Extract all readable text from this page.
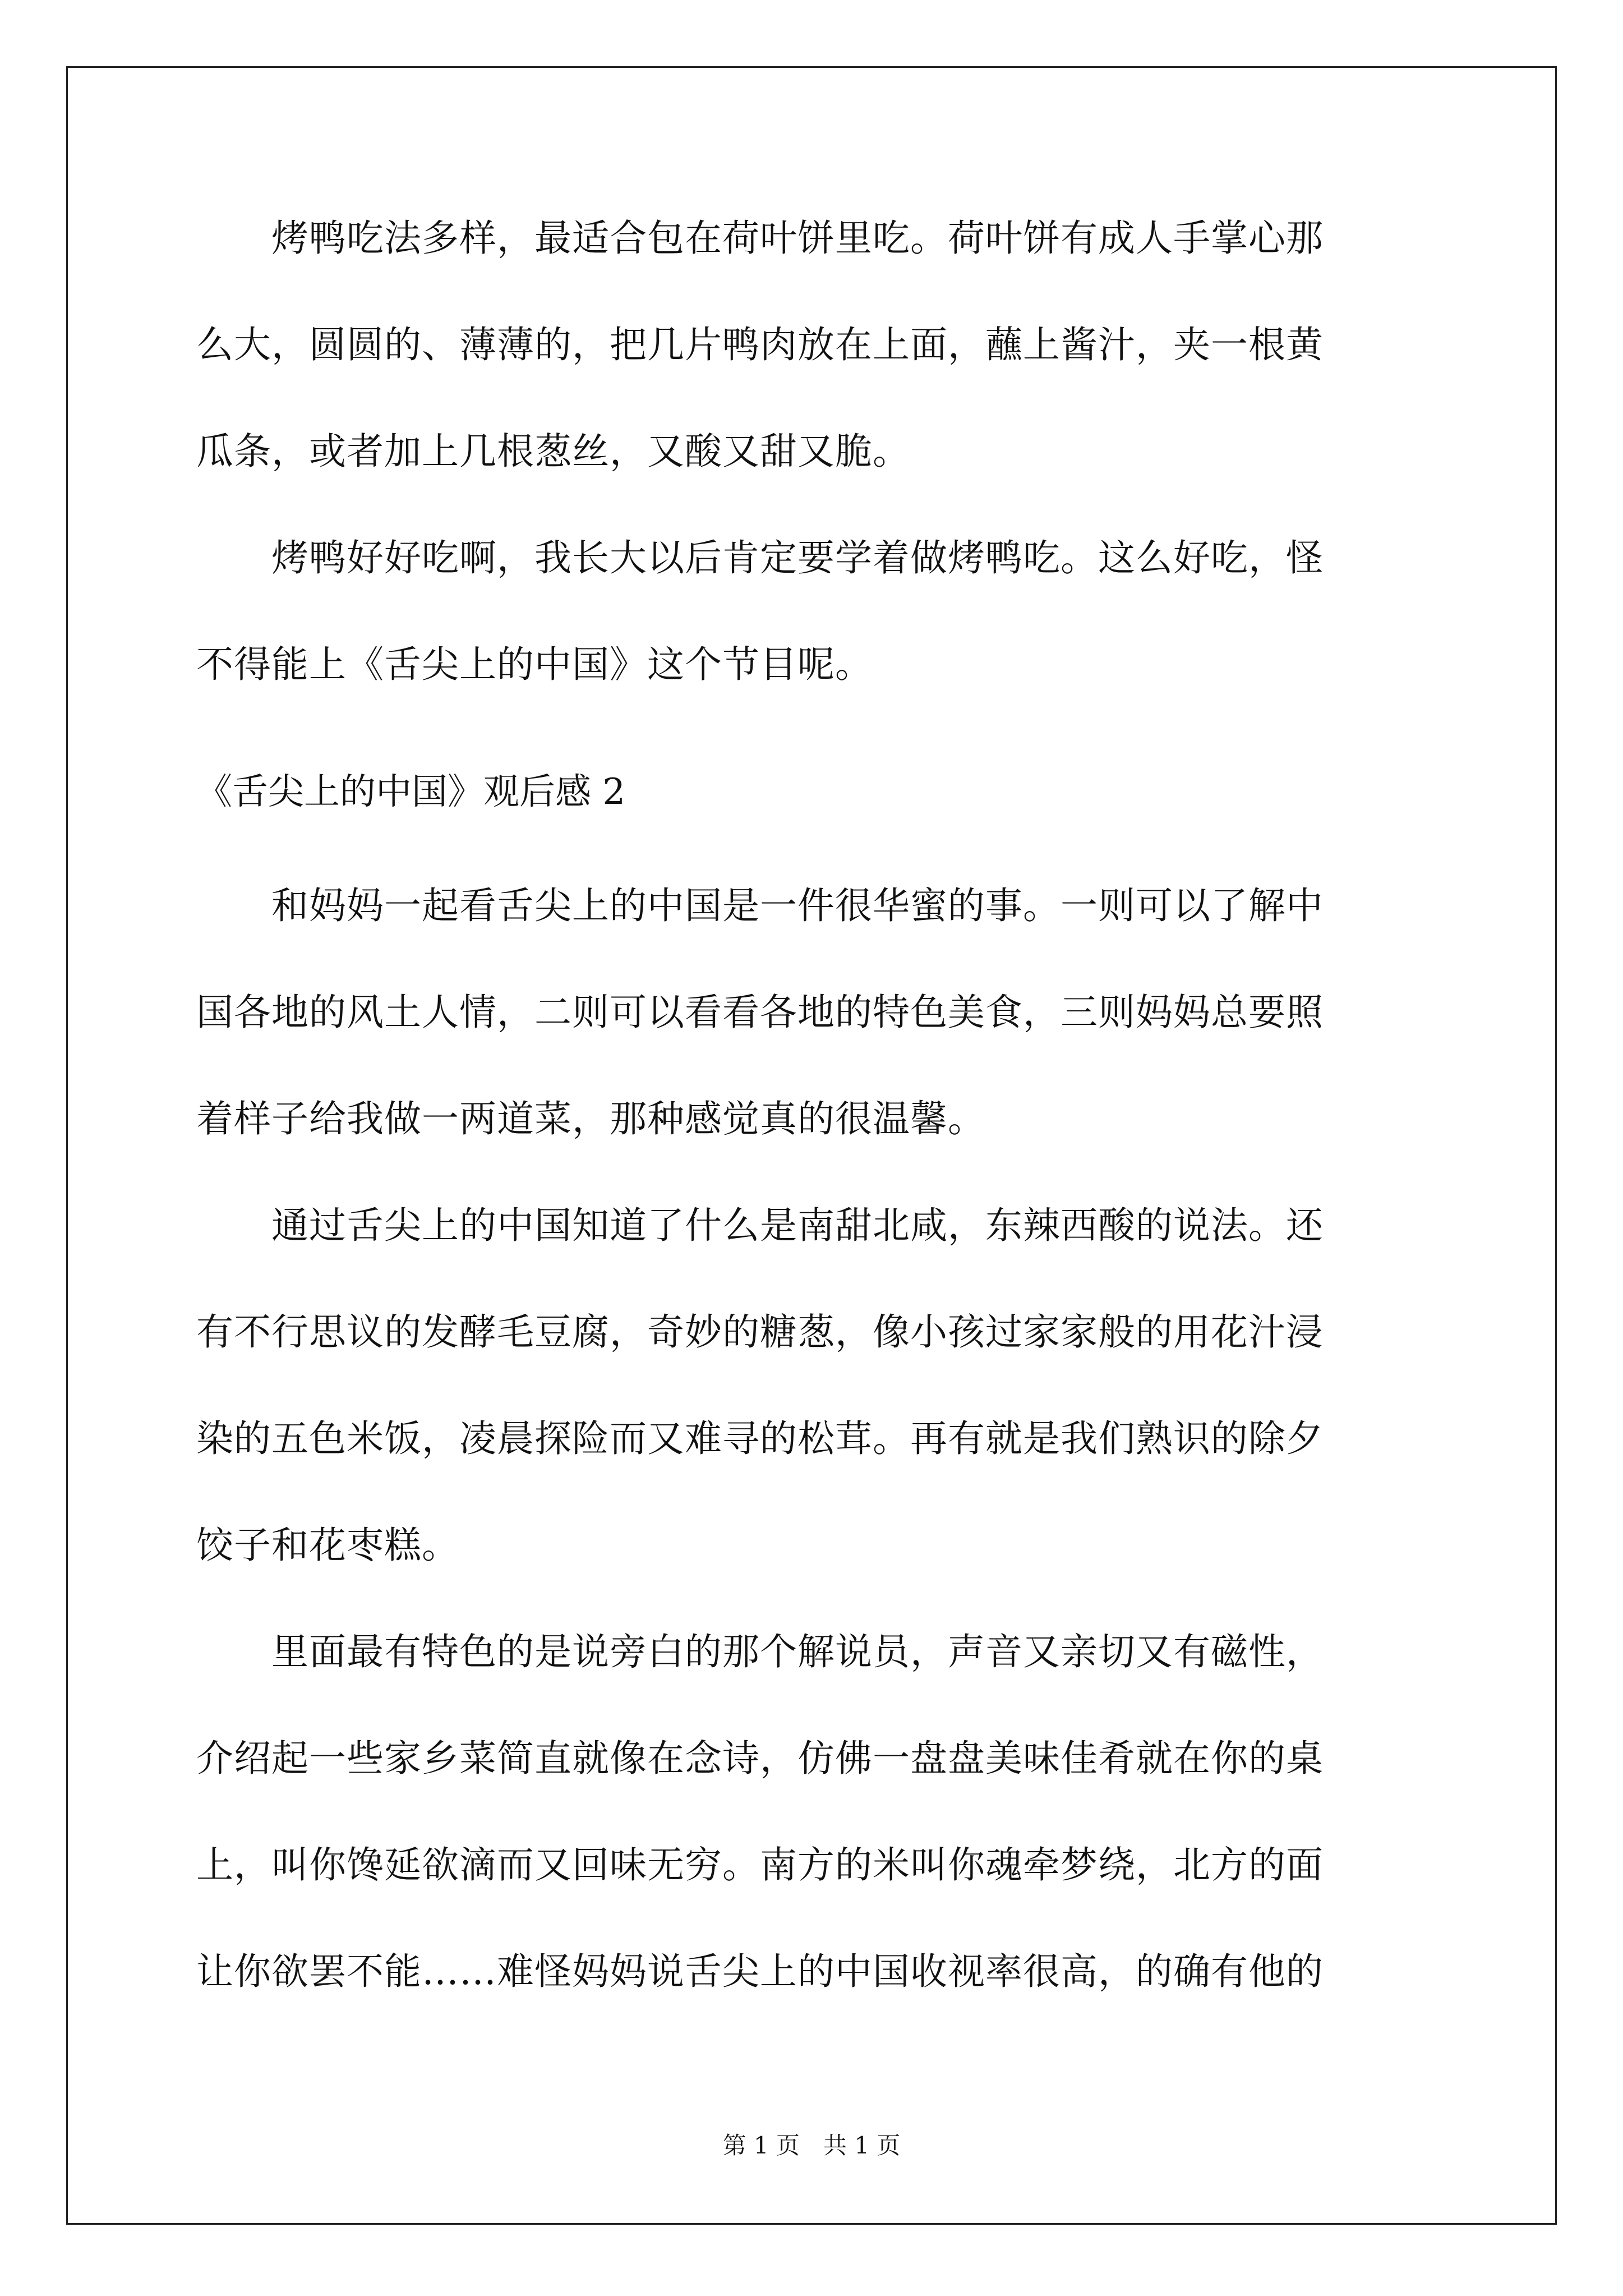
　　烤鸭吃法多样，最适合包在荷叶饼里吃。荷叶饼有成人手掌心那
么大，圆圆的、薄薄的，把几片鸭肉放在上面，蘸上酱汁，夹一根黄
瓜条，或者加上几根葱丝，又酸又甜又脆。
　　烤鸭好好吃啊，我长大以后肯定要学着做烤鸭吃。这么好吃，怪
不得能上《舌尖上的中国》这个节目呢。
《舌尖上的中国》观后感 2
　　和妈妈一起看舌尖上的中国是一件很华蜜的事。一则可以了解中
国各地的风土人情，二则可以看看各地的特色美食，三则妈妈总要照
着样子给我做一两道菜，那种感觉真的很温馨。
　　通过舌尖上的中国知道了什么是南甜北咸，东辣西酸的说法。还
有不行思议的发酵毛豆腐，奇妙的糖葱，像小孩过家家般的用花汁浸
染的五色米饭，凌晨探险而又难寻的松茸。再有就是我们熟识的除夕
饺子和花枣糕。
　　里面最有特色的是说旁白的那个解说员，声音又亲切又有磁性，
介绍起一些家乡菜简直就像在念诗，仿佛一盘盘美味佳肴就在你的桌
上，叫你馋延欲滴而又回味无穷。南方的米叫你魂牵梦绕，北方的面
让你欲罢不能……难怪妈妈说舌尖上的中国收视率很高，的确有他的
第 1 页　共 1 页
